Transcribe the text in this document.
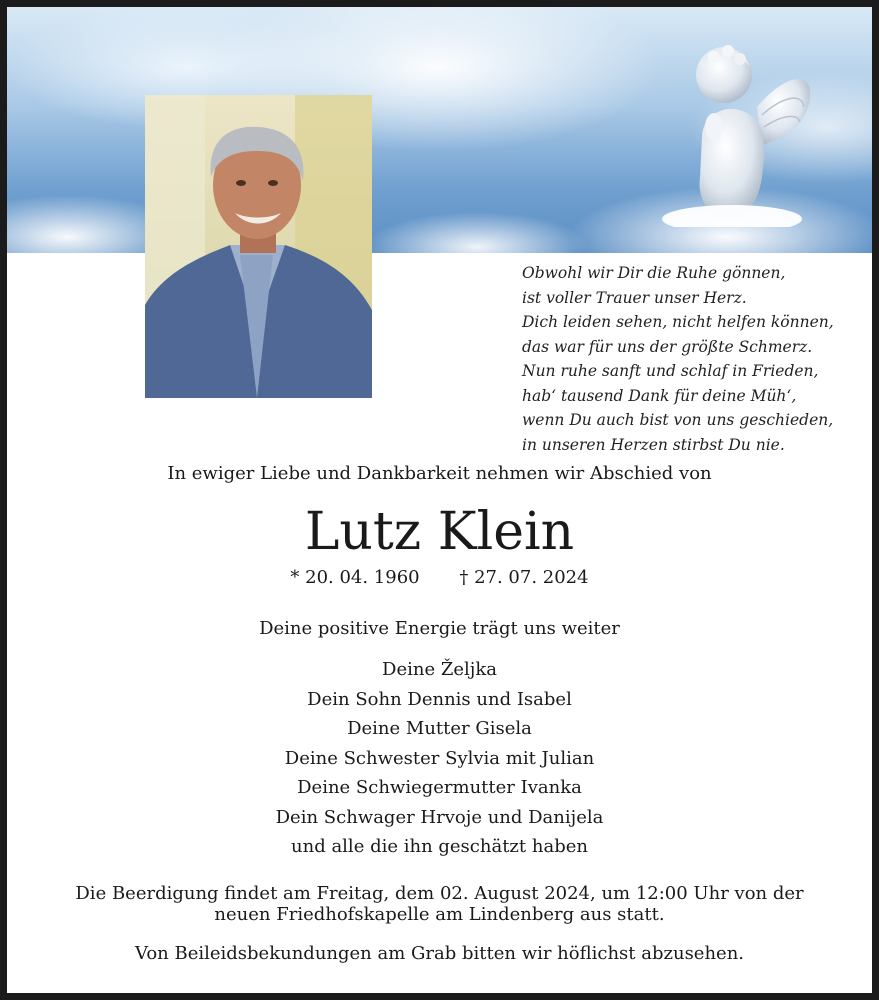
Obwohl wir Dir die Ruhe gönnen,
ist voller Trauer unser Herz.
Dich leiden sehen, nicht helfen können,
das war für uns der größte Schmerz.
Nun ruhe sanft und schlaf in Frieden,
hab‘ tausend Dank für deine Müh‘,
wenn Du auch bist von uns geschieden,
in unseren Herzen stirbst Du nie.
In ewiger Liebe und Dankbarkeit nehmen wir Abschied von
Lutz Klein
* 20. 04. 1960 † 27. 07. 2024
Deine positive Energie trägt uns weiter
Deine Željka
Dein Sohn Dennis und Isabel
Deine Mutter Gisela
Deine Schwester Sylvia mit Julian
Deine Schwiegermutter Ivanka
Dein Schwager Hrvoje und Danijela
und alle die ihn geschätzt haben
Die Beerdigung findet am Freitag, dem 02. August 2024, um 12:00 Uhr von der
neuen Friedhofskapelle am Lindenberg aus statt.
Von Beileidsbekundungen am Grab bitten wir höflichst abzusehen.
